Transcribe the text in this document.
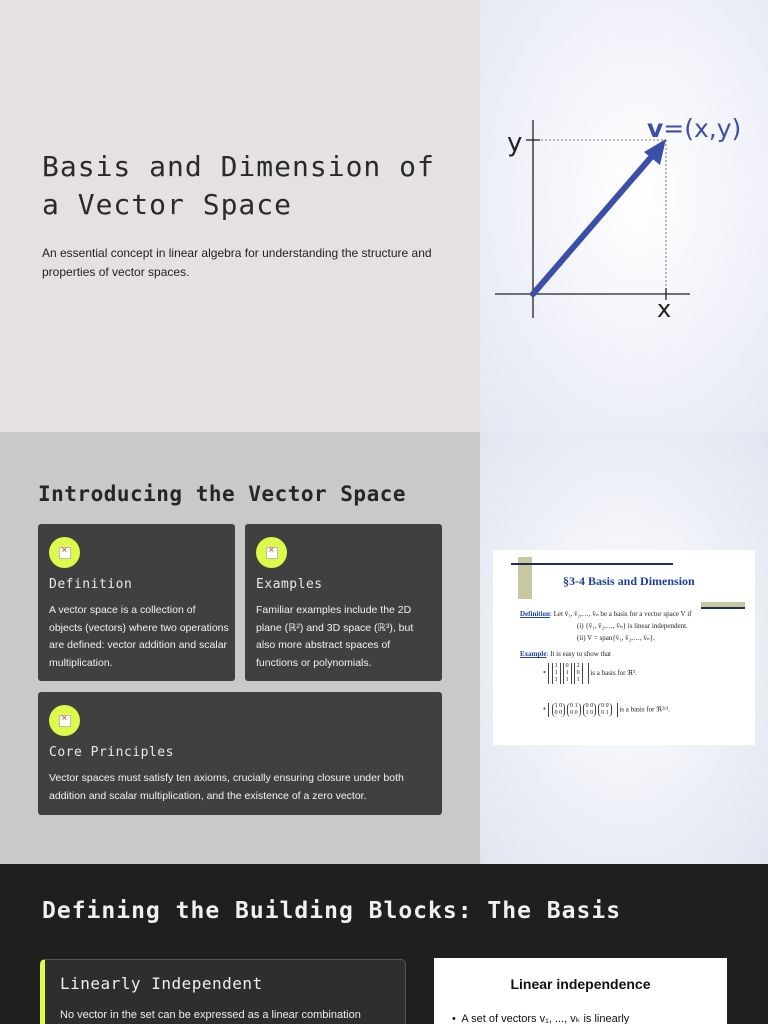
Basis and Dimension of a Vector Space

An essential concept in linear algebra for understanding the structure and properties of vector spaces.

y
x
v=(x,y)
Introducing the Vector Space
×
Definition
A vector space is a collection of objects (vectors) where two operations are defined: vector addition and scalar multiplication.
×
Examples
Familiar examples include the 2D plane (ℝ²) and 3D space (ℝ³), but also more abstract spaces of functions or polynomials.
×
Core Principles
Vector spaces must satisfy ten axioms, crucially ensuring closure under both addition and scalar multiplication, and the existence of a zero vector.
§3-4 Basis and Dimension
Definition: Let v̄₁, v̄₂,…, v̄ₙ be a basis for a vector space V if
(i) {v̄₁, v̄₂,…, v̄ₙ} is linear independent.
(ii) V = span{v̄₁, v̄₂,…, v̄ₙ}.
Example: It is easy to show that
• 1
1
10
1
12
0
1 is a basis for ℜ³.
• 1 0
0 00 1
0 00 0
1 00 0
0 1 is a basis for ℜ²ˣ².
Defining the Building Blocks: The Basis
Linearly Independent
No vector in the set can be expressed as a linear combination
Linear independence
•  A set of vectors v₁, ..., vₖ is linearly
